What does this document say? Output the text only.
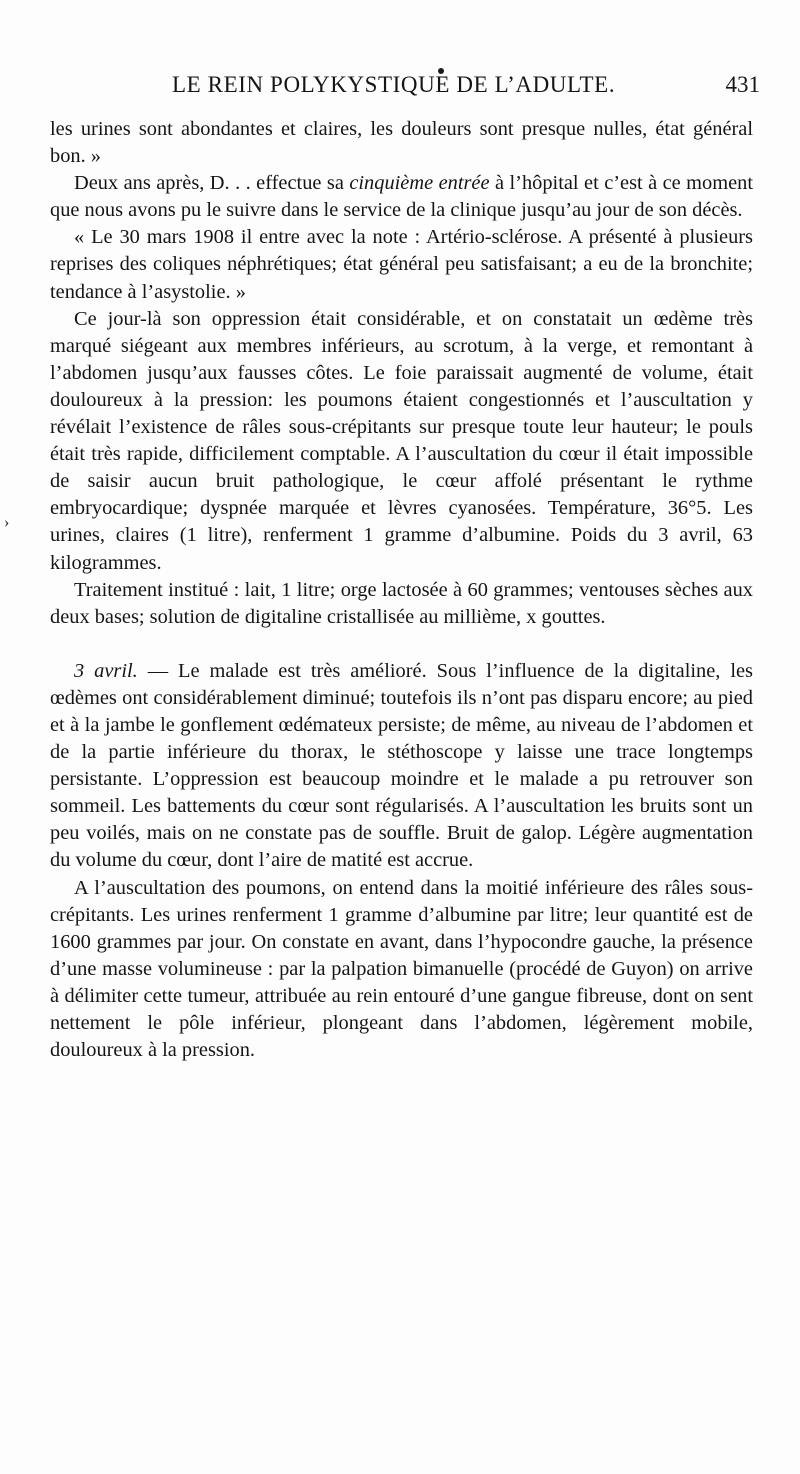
LE REIN POLYKYSTIQUE DE L’ADULTE.	431
›

les urines sont abondantes et claires, les douleurs sont presque nulles, état général bon. »

Deux ans après, D. . . effectue sa cinquième entrée à l’hôpital et c’est à ce moment que nous avons pu le suivre dans le service de la clinique jusqu’au jour de son décès.

« Le 30 mars 1908 il entre avec la note : Artério-sclérose. A présenté à plusieurs reprises des coliques néphrétiques; état général peu satisfaisant; a eu de la bronchite; tendance à l’asystolie. »

Ce jour-là son oppression était considérable, et on constatait un œdème très marqué siégeant aux membres inférieurs, au scrotum, à la verge, et remontant à l’abdomen jusqu’aux fausses côtes. Le foie paraissait augmenté de volume, était douloureux à la pression: les poumons étaient congestionnés et l’auscultation y révélait l’existence de râles sous-crépitants sur presque toute leur hauteur; le pouls était très rapide, difficilement comptable. A l’auscultation du cœur il était impossible de saisir aucun bruit pathologique, le cœur affolé présentant le rythme embryocardique; dyspnée marquée et lèvres cyanosées. Température, 36°5. Les urines, claires (1 litre), renferment 1 gramme d’albumine. Poids du 3 avril, 63 kilogrammes.

Traitement institué : lait, 1 litre; orge lactosée à 60 grammes; ventouses sèches aux deux bases; solution de digitaline cristallisée au millième, x gouttes.

3 avril. — Le malade est très amélioré. Sous l’influence de la digitaline, les œdèmes ont considérablement diminué; toutefois ils n’ont pas disparu encore; au pied et à la jambe le gonflement œdémateux persiste; de même, au niveau de l’abdomen et de la partie inférieure du thorax, le stéthoscope y laisse une trace longtemps persistante. L’oppression est beaucoup moindre et le malade a pu retrouver son sommeil. Les battements du cœur sont régularisés. A l’auscultation les bruits sont un peu voilés, mais on ne constate pas de souffle. Bruit de galop. Légère augmentation du volume du cœur, dont l’aire de matité est accrue.

A l’auscultation des poumons, on entend dans la moitié inférieure des râles sous-crépitants. Les urines renferment 1 gramme d’albumine par litre; leur quantité est de 1600 grammes par jour. On constate en avant, dans l’hypocondre gauche, la présence d’une masse volumineuse : par la palpation bimanuelle (procédé de Guyon) on arrive à délimiter cette tumeur, attribuée au rein entouré d’une gangue fibreuse, dont on sent nettement le pôle inférieur, plongeant dans l’abdomen, légèrement mobile, douloureux à la pression.
